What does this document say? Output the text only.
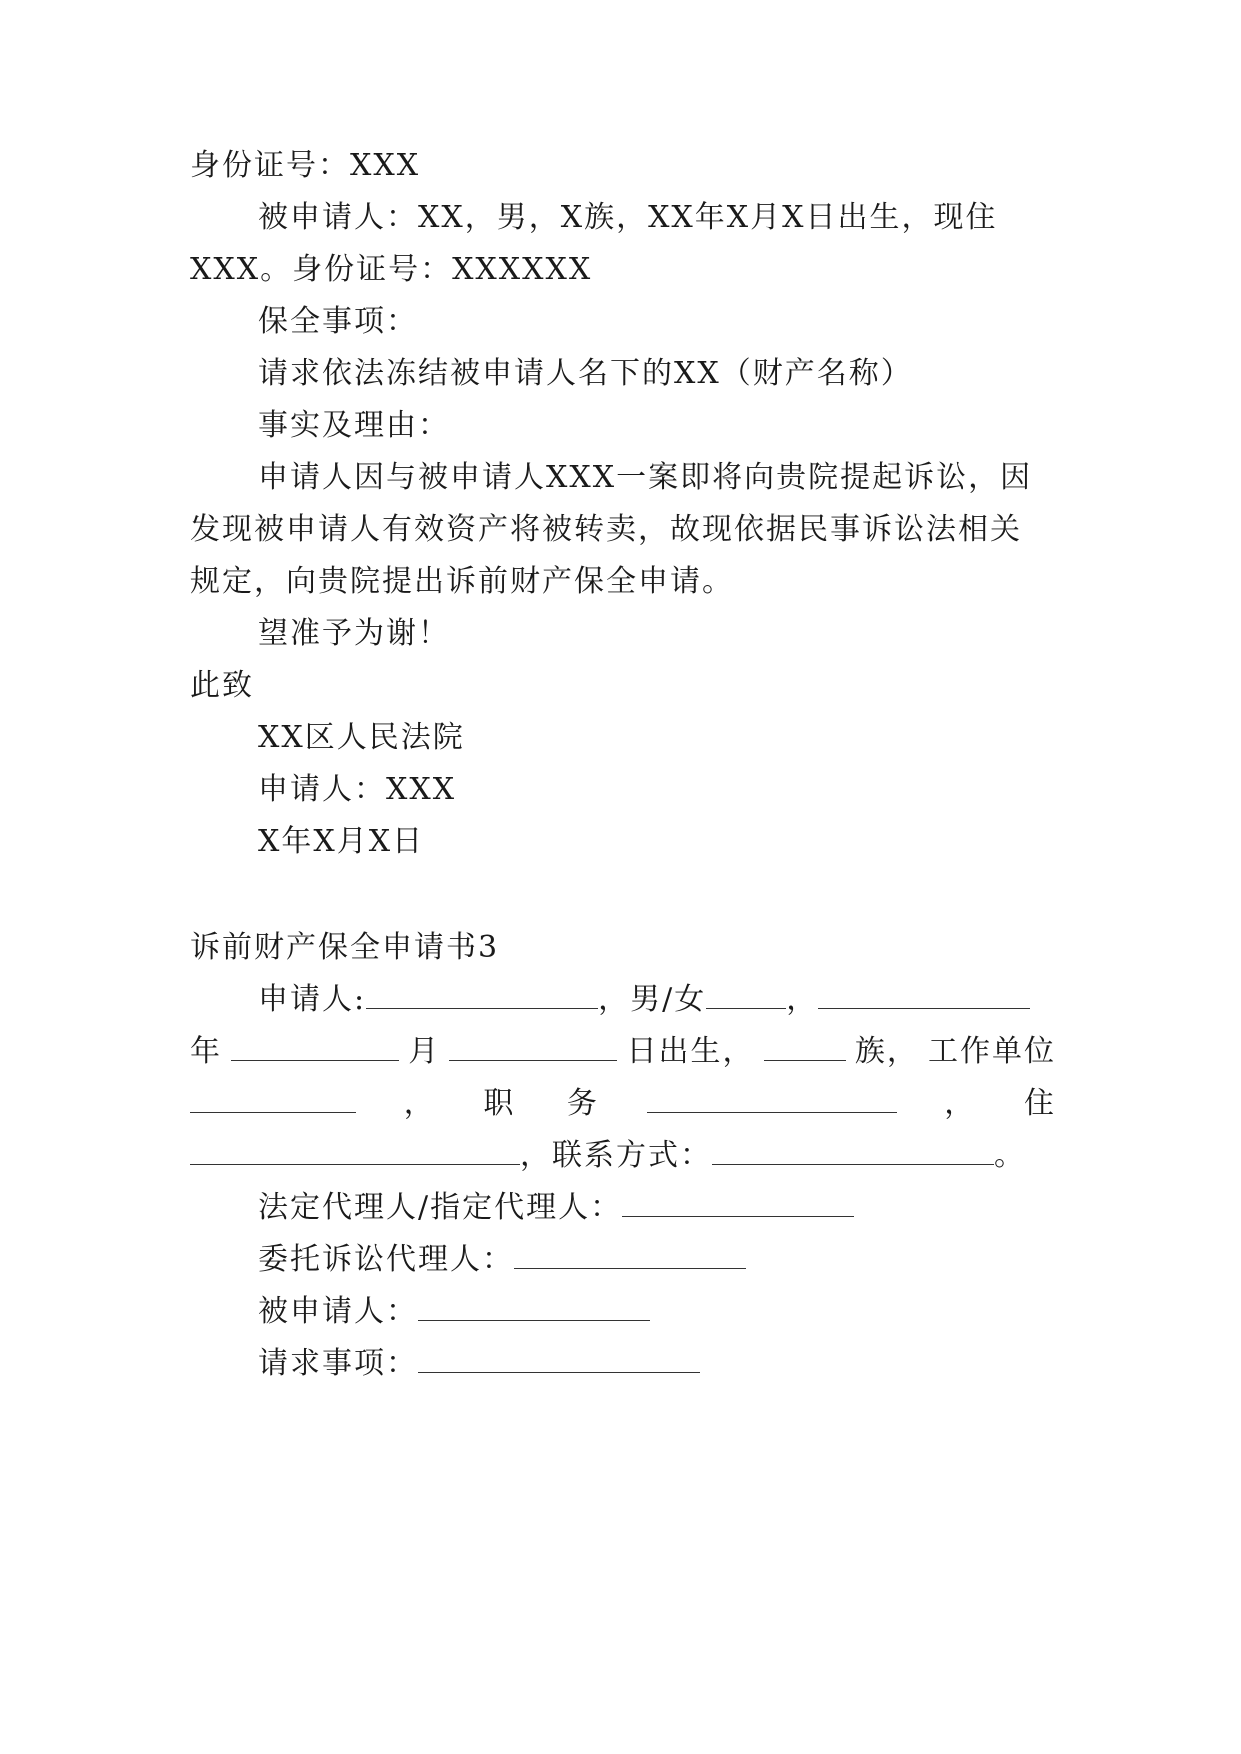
身份证号：XXX
被申请人：XX，男，X族，XX年X月X日出生，现住
XXX。身份证号：XXXXXX
保全事项：
请求依法冻结被申请人名下的XX（财产名称）
事实及理由：
申请人因与被申请人XXX一案即将向贵院提起诉讼，因
发现被申请人有效资产将被转卖，故现依据民事诉讼法相关
规定，向贵院提出诉前财产保全申请。
望准予为谢！
此致
XX区人民法院
申请人：XXX
X年X月X日
诉前财产保全申请书3
申请人:	，男/女	，
年	月	日出生，	族， 工作单位
， 职 务	， 住
，联系方式：	。
法定代理人/指定代理人：
委托诉讼代理人：
被申请人：
请求事项：
